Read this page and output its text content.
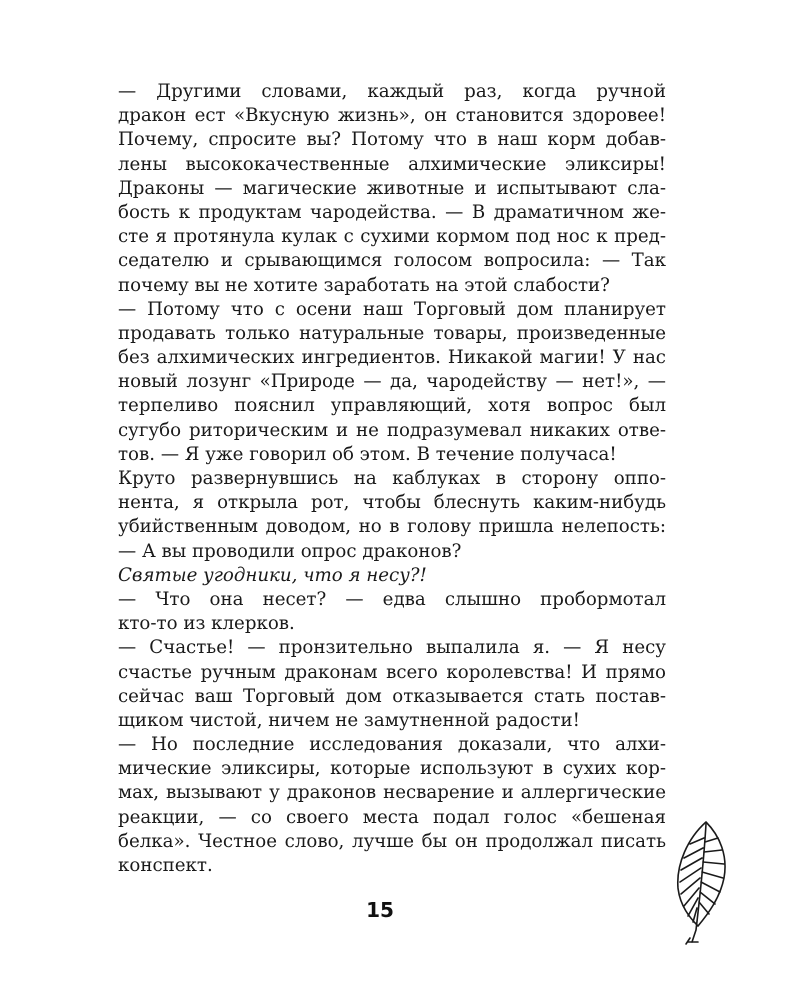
— Другими словами, каждый раз, когда ручной
дракон ест «Вкусную жизнь», он становится здоровее!
Почему, спросите вы? Потому что в наш корм добав-
лены высококачественные алхимические эликсиры!
Драконы — магические животные и испытывают сла-
бость к продуктам чародейства. — В драматичном же-
сте я протянула кулак с сухими кормом под нос к пред-
седателю и срывающимся голосом вопросила: — Так
почему вы не хотите заработать на этой слабости?
— Потому что с осени наш Торговый дом планирует
продавать только натуральные товары, произведенные
без алхимических ингредиентов. Никакой магии! У нас
новый лозунг «Природе — да, чародейству — нет!», —
терпеливо пояснил управляющий, хотя вопрос был
сугубо риторическим и не подразумевал никаких отве-
тов. — Я уже говорил об этом. В течение получаса!
Круто развернувшись на каблуках в сторону оппо-
нента, я открыла рот, чтобы блеснуть каким-нибудь
убийственным доводом, но в голову пришла нелепость:
— А вы проводили опрос драконов?
Святые угодники, что я несу?!
— Что она несет? — едва слышно пробормотал
кто-то из клерков.
— Счастье! — пронзительно выпалила я. — Я несу
счастье ручным драконам всего королевства! И прямо
сейчас ваш Торговый дом отказывается стать постав-
щиком чистой, ничем не замутненной радости!
— Но последние исследования доказали, что алхи-
мические эликсиры, которые используют в сухих кор-
мах, вызывают у драконов несварение и аллергические
реакции, — со своего места подал голос «бешеная
белка». Честное слово, лучше бы он продолжал писать
конспект.
15
